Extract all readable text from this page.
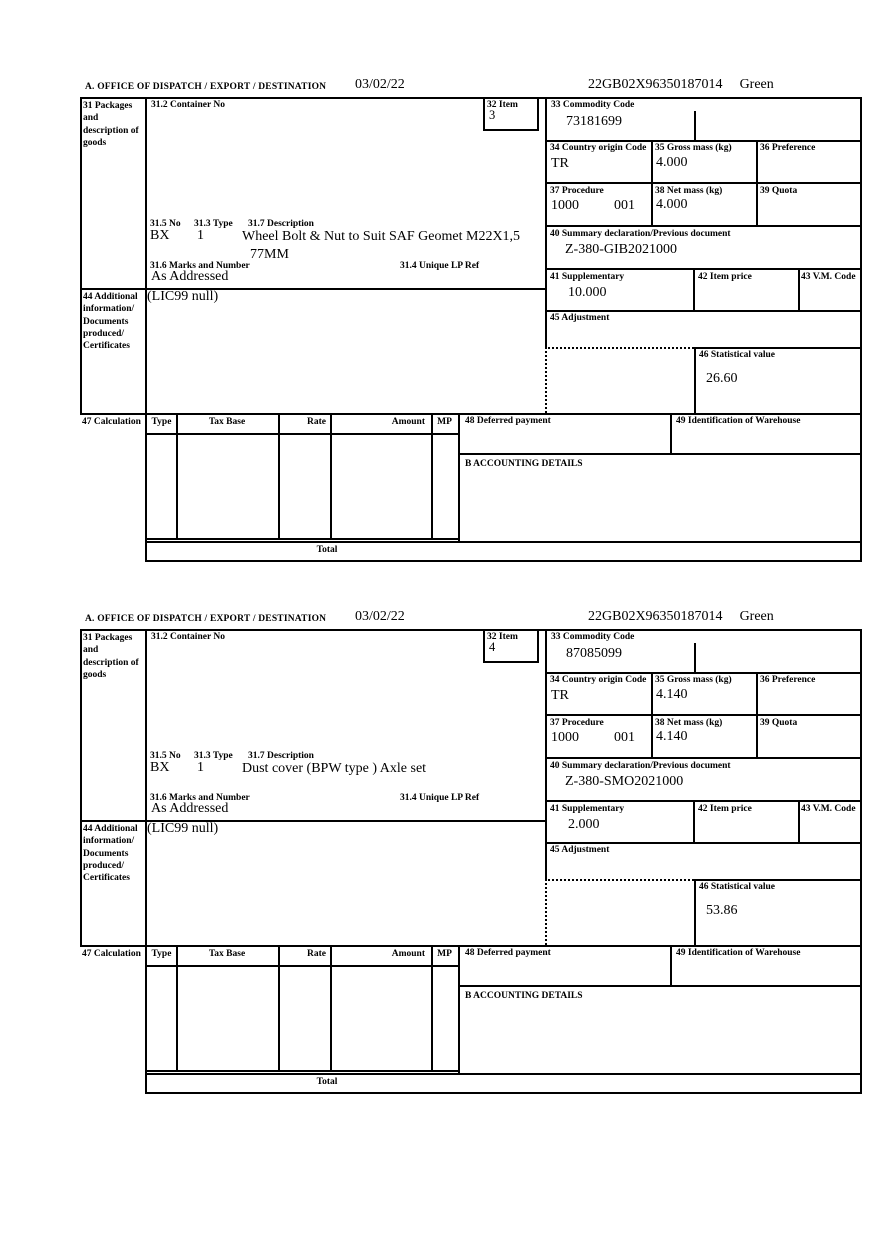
A. OFFICE OF DISPATCH / EXPORT / DESTINATION 03/02/22	22GB02X96350187014 Green
31 Packages and description of goods
44 Additional information/ Documents produced/ Certificates
47 Calculation
31.2 Container No	32 Item
3
31.5 No 31.3 Type 31.7 Description
BX 1	Wheel Bolt & Nut to Suit SAF Geomet M22X1,5
77MM
31.6 Marks and Number	31.4 Unique LP Ref
As Addressed
(LIC99 null)
33 Commodity Code
73181699
34 Country origin Code
TR
35 Gross mass (kg)
4.000
36 Preference
37 Procedure
1000	001
38 Net mass (kg)
4.000
39 Quota
40 Summary declaration/Previous document
Z-380-GIB2021000
41 Supplementary
10.000
42 Item price	43 V.M. Code
45 Adjustment
46 Statistical value
26.60
Type	Tax Base	Rate	Amount	MP	48 Deferred payment	49 Identification of Warehouse
B ACCOUNTING DETAILS
Total
A. OFFICE OF DISPATCH / EXPORT / DESTINATION 03/02/22	22GB02X96350187014 Green
31 Packages and description of goods
44 Additional information/ Documents produced/ Certificates
47 Calculation
31.2 Container No	32 Item
4
31.5 No 31.3 Type 31.7 Description
BX 1	Dust cover (BPW type ) Axle set
31.6 Marks and Number	31.4 Unique LP Ref
As Addressed
(LIC99 null)
33 Commodity Code
87085099
34 Country origin Code
TR
35 Gross mass (kg)
4.140
36 Preference
37 Procedure
1000	001
38 Net mass (kg)
4.140
39 Quota
40 Summary declaration/Previous document
Z-380-SMO2021000
41 Supplementary
2.000
42 Item price	43 V.M. Code
45 Adjustment
46 Statistical value
53.86
Type	Tax Base	Rate	Amount	MP	48 Deferred payment	49 Identification of Warehouse
B ACCOUNTING DETAILS
Total
